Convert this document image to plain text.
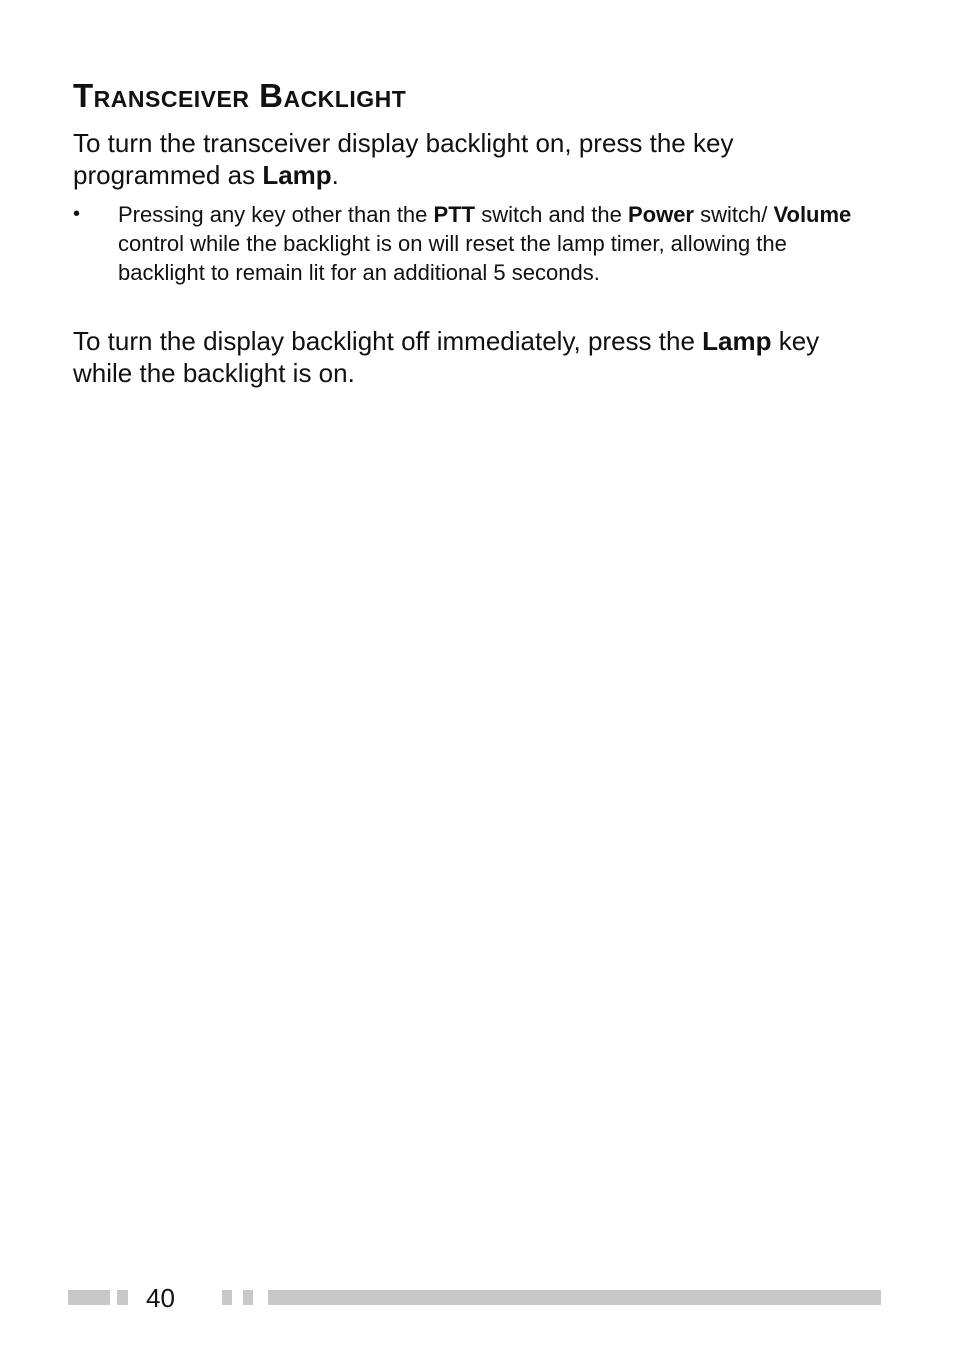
Transceiver Backlight
To turn the transceiver display backlight on, press the key programmed as Lamp.
• Pressing any key other than the PTT switch and the Power switch/ Volume control while the backlight is on will reset the lamp timer, allowing the backlight to remain lit for an additional 5 seconds.
To turn the display backlight off immediately, press the Lamp key while the backlight is on.
40
